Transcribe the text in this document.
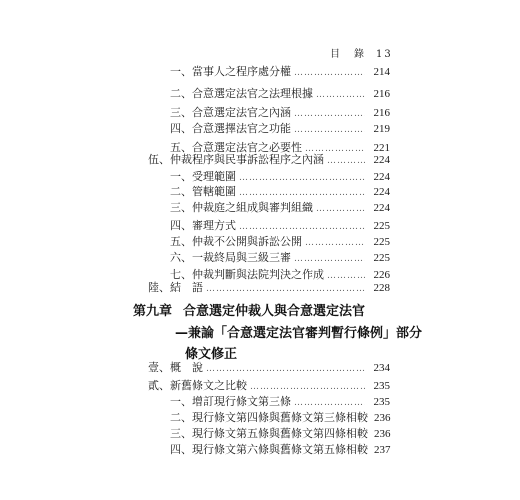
目　錄 13
一、當事人之程序處分權 ……………………………………………………………………………………………………………………………………………………………………………	214
二、合意選定法官之法理根據 ……………………………………………………………………………………………………………………………………………………………………………	216
三、合意選定法官之內涵 ……………………………………………………………………………………………………………………………………………………………………………	216
四、合意選擇法官之功能 ……………………………………………………………………………………………………………………………………………………………………………	219
五、合意選定法官之必要性 ……………………………………………………………………………………………………………………………………………………………………………	221
伍、仲裁程序與民事訴訟程序之內涵 ……………………………………………………………………………………………………………………………………………………………………………	224
一、受理範圍 ……………………………………………………………………………………………………………………………………………………………………………	224
二、管轄範圍 ……………………………………………………………………………………………………………………………………………………………………………	224
三、仲裁庭之組成與審判組織 ……………………………………………………………………………………………………………………………………………………………………………	224
四、審理方式 ……………………………………………………………………………………………………………………………………………………………………………	225
五、仲裁不公開與訴訟公開 ……………………………………………………………………………………………………………………………………………………………………………	225
六、一裁終局與三級三審 ……………………………………………………………………………………………………………………………………………………………………………	225
七、仲裁判斷與法院判決之作成 ……………………………………………………………………………………………………………………………………………………………………………	226
陸、結　語 ……………………………………………………………………………………………………………………………………………………………………………	228
第九章 合意選定仲裁人與合意選定法官
—兼論「合意選定法官審判暫行條例」部分
條文修正
壹、概　說 ……………………………………………………………………………………………………………………………………………………………………………	234
貳、新舊條文之比較 ……………………………………………………………………………………………………………………………………………………………………………	235
一、增訂現行條文第三條 ……………………………………………………………………………………………………………………………………………………………………………	235
二、現行條文第四條與舊條文第三條相較 236
三、現行條文第五條與舊條文第四條相較 236
四、現行條文第六條與舊條文第五條相較 237
